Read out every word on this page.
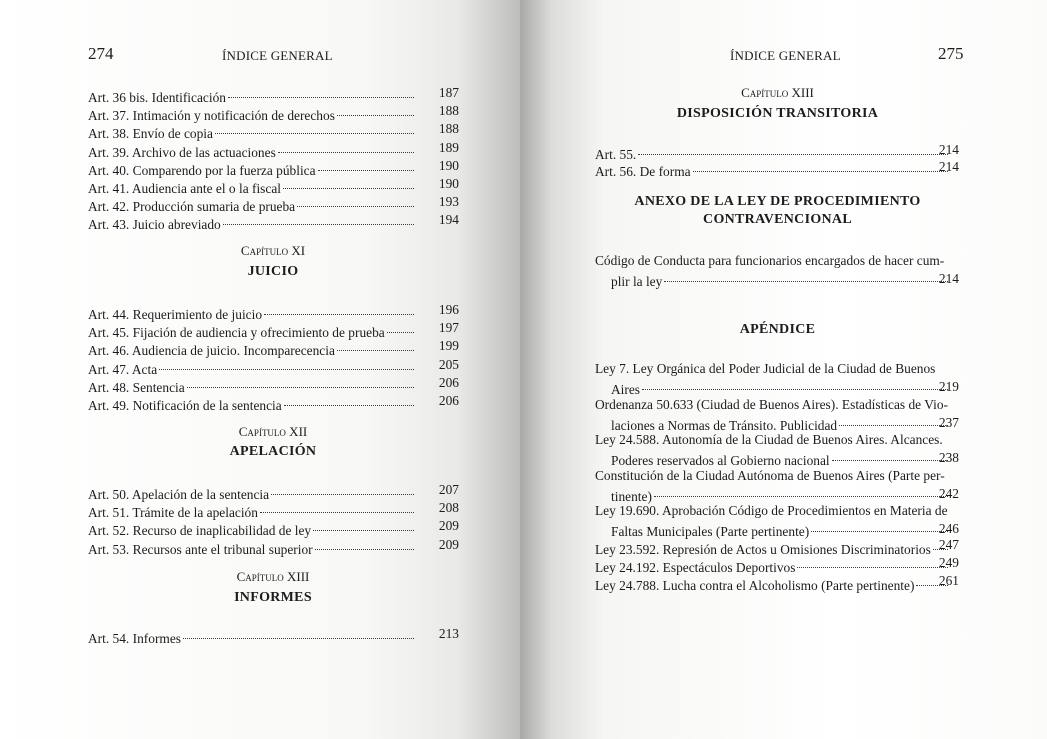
274	ÍNDICE GENERAL
Art. 36 bis. Identificación	187
Art. 37. Intimación y notificación de derechos	188
Art. 38. Envío de copia	188
Art. 39. Archivo de las actuaciones	189
Art. 40. Comparendo por la fuerza pública	190
Art. 41. Audiencia ante el o la fiscal	190
Art. 42. Producción sumaria de prueba	193
Art. 43. Juicio abreviado	194
Capítulo XI
JUICIO
Art. 44. Requerimiento de juicio	196
Art. 45. Fijación de audiencia y ofrecimiento de prueba	197
Art. 46. Audiencia de juicio. Incomparecencia	199
Art. 47. Acta	205
Art. 48. Sentencia	206
Art. 49. Notificación de la sentencia	206
Capítulo XII
APELACIÓN
Art. 50. Apelación de la sentencia	207
Art. 51. Trámite de la apelación	208
Art. 52. Recurso de inaplicabilidad de ley	209
Art. 53. Recursos ante el tribunal superior	209
Capítulo XIII
INFORMES
Art. 54. Informes	213
ÍNDICE GENERAL	275
Capítulo XIII
DISPOSICIÓN TRANSITORIA
Art. 55.	214
Art. 56. De forma	214
ANEXO DE LA LEY DE PROCEDIMIENTO
CONTRAVENCIONAL
Código de Conducta para funcionarios encargados de hacer cum-
plir la ley	214
APÉNDICE
Ley 7. Ley Orgánica del Poder Judicial de la Ciudad de Buenos
Aires	219
Ordenanza 50.633 (Ciudad de Buenos Aires). Estadísticas de Vio-
laciones a Normas de Tránsito. Publicidad	237
Ley 24.588. Autonomía de la Ciudad de Buenos Aires. Alcances.
Poderes reservados al Gobierno nacional	238
Constitución de la Ciudad Autónoma de Buenos Aires (Parte per-
tinente)	242
Ley 19.690. Aprobación Código de Procedimientos en Materia de
Faltas Municipales (Parte pertinente)	246
Ley 23.592. Represión de Actos u Omisiones Discriminatorios 247
Ley 24.192. Espectáculos Deportivos	249
Ley 24.788. Lucha contra el Alcoholismo (Parte pertinente)	261
